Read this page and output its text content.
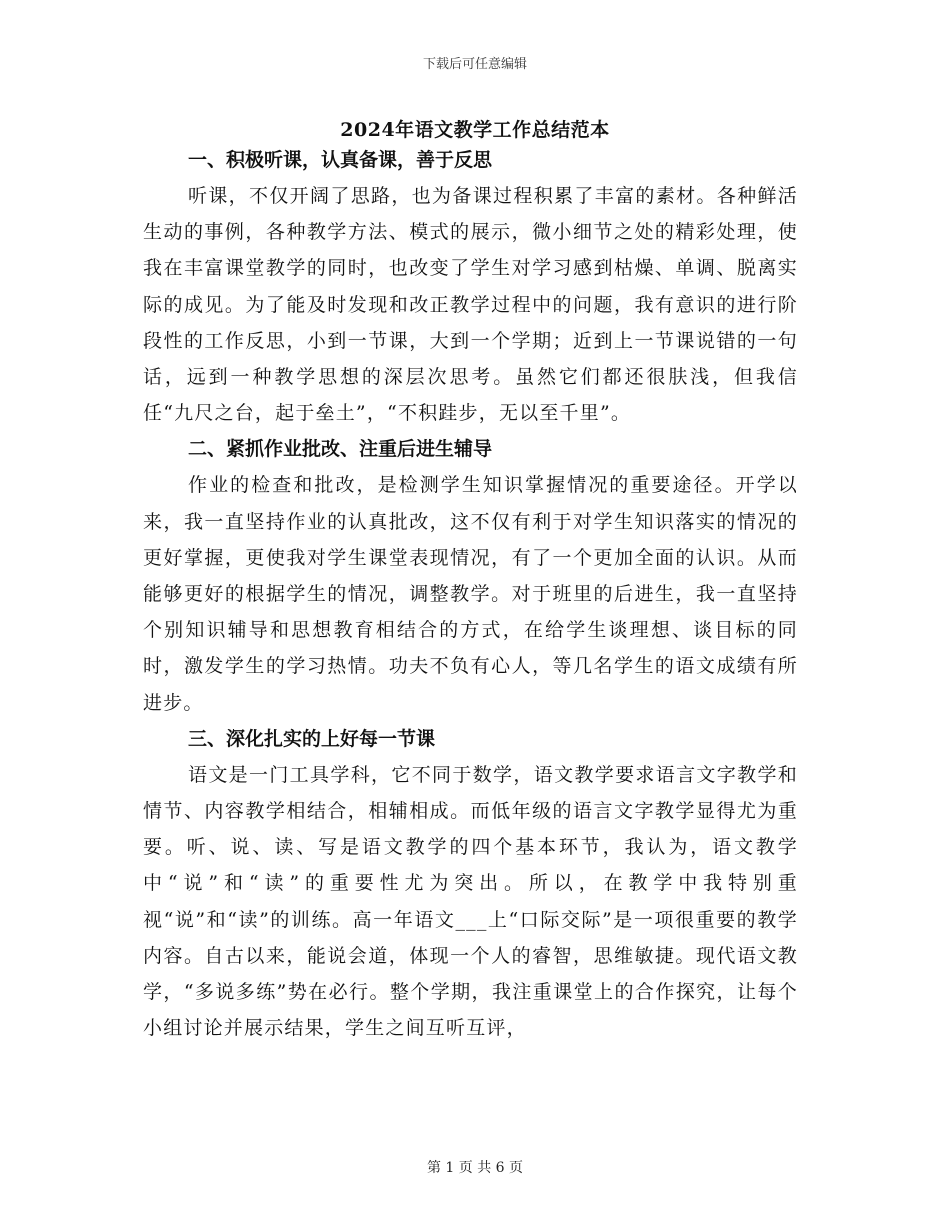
下载后可任意编辑
2024年语文教学工作总结范本
一、积极听课，认真备课，善于反思

听课，不仅开阔了思路，也为备课过程积累了丰富的素材。各种鲜活生动的事例，各种教学方法、模式的展示，微小细节之处的精彩处理，使我在丰富课堂教学的同时，也改变了学生对学习感到枯燥、单调、脱离实际的成见。为了能及时发现和改正教学过程中的问题，我有意识的进行阶段性的工作反思，小到一节课，大到一个学期；近到上一节课说错的一句话，远到一种教学思想的深层次思考。虽然它们都还很肤浅，但我信任“九尺之台，起于垒土”，“不积跬步，无以至千里”。

二、紧抓作业批改、注重后进生辅导

作业的检查和批改，是检测学生知识掌握情况的重要途径。开学以来，我一直坚持作业的认真批改，这不仅有利于对学生知识落实的情况的更好掌握，更使我对学生课堂表现情况，有了一个更加全面的认识。从而能够更好的根据学生的情况，调整教学。对于班里的后进生，我一直坚持个别知识辅导和思想教育相结合的方式，在给学生谈理想、谈目标的同时，激发学生的学习热情。功夫不负有心人，等几名学生的语文成绩有所进步。

三、深化扎实的上好每一节课

语文是一门工具学科，它不同于数学，语文教学要求语言文字教学和情节、内容教学相结合，相辅相成。而低年级的语言文字教学显得尤为重要。听、说、读、写是语文教学的四个基本环节，我认为，语文教学中“说”和“读”的重要性尤为突出。所以，在教学中我特别重视“说”和“读”的训练。高一年语文___上“口际交际”是一项很重要的教学内容。自古以来，能说会道，体现一个人的睿智，思维敏捷。现代语文教学，“多说多练”势在必行。整个学期，我注重课堂上的合作探究，让每个小组讨论并展示结果，学生之间互听互评，

第 1 页 共 6 页
